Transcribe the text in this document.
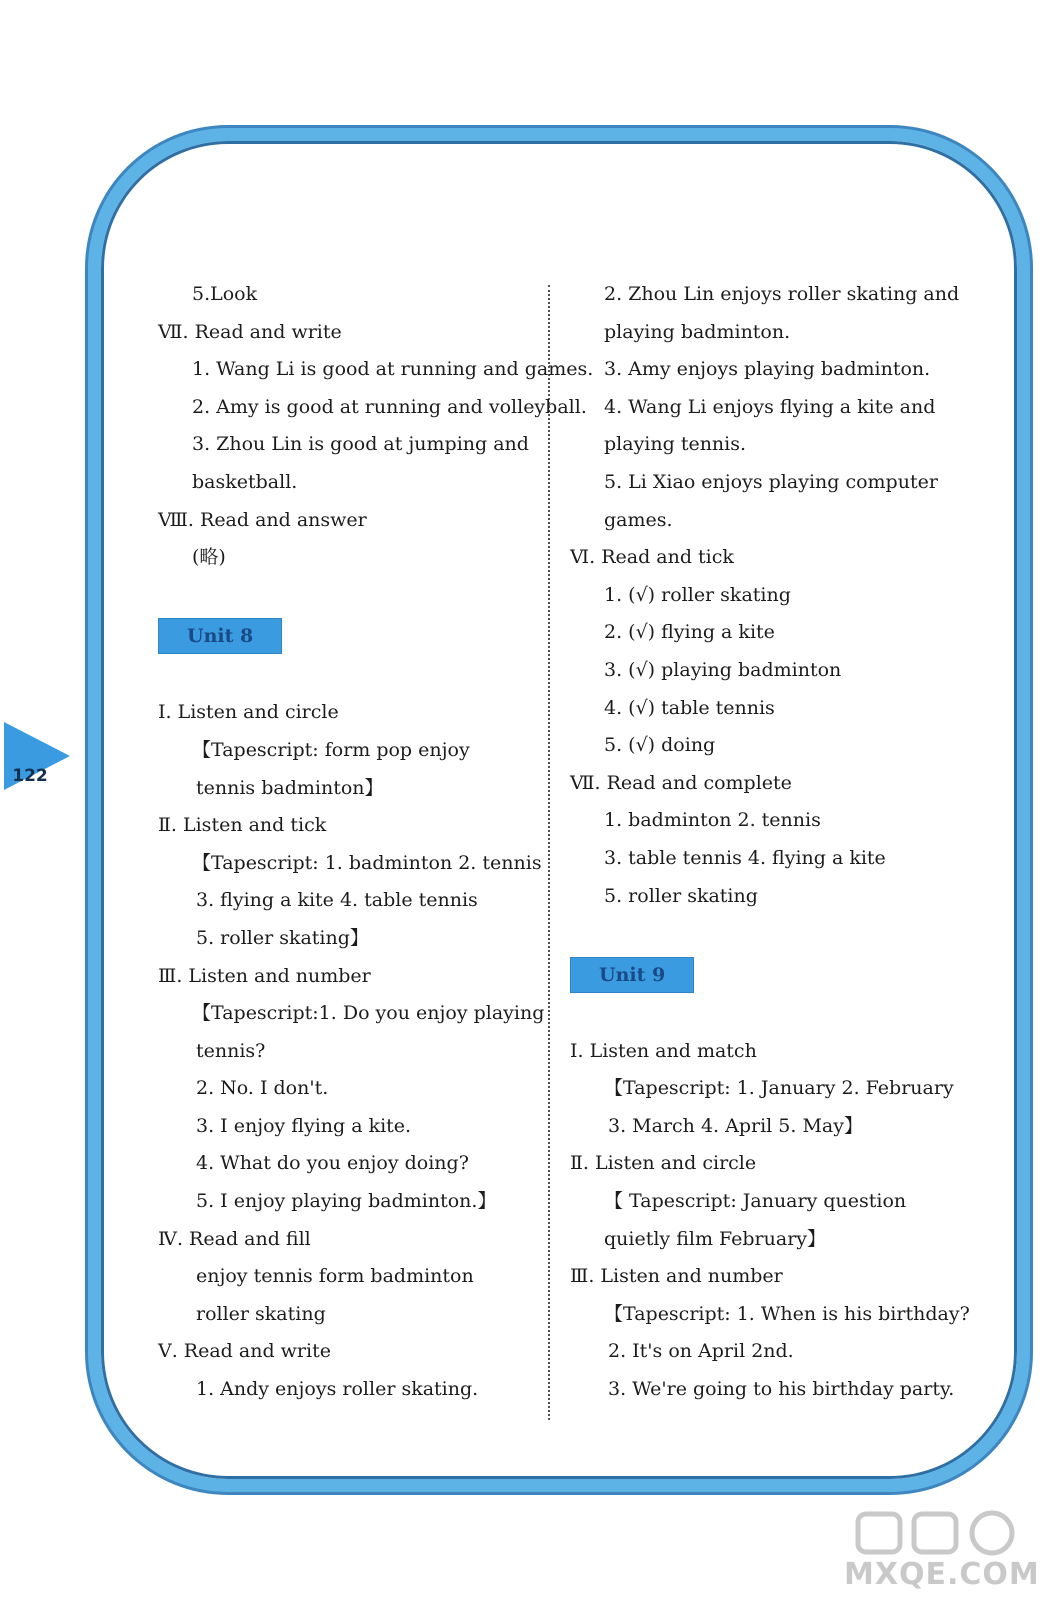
122
5.Look
Ⅶ. Read and write
1. Wang Li is good at running and games.
2. Amy is good at running and volleyball.
3. Zhou Lin is good at jumping and
basketball.
Ⅷ. Read and answer
(略)
Unit 8
Ⅰ. Listen and circle
【Tapescript: form pop enjoy
tennis badminton】
Ⅱ. Listen and tick
【Tapescript: 1. badminton 2. tennis
3. flying a kite 4. table tennis
5. roller skating】
Ⅲ. Listen and number
【Tapescript:1. Do you enjoy playing
tennis?
2. No. I don't.
3. I enjoy flying a kite.
4. What do you enjoy doing?
5. I enjoy playing badminton.】
Ⅳ. Read and fill
enjoy tennis form badminton
roller skating
Ⅴ. Read and write
1. Andy enjoys roller skating.
2. Zhou Lin enjoys roller skating and
playing badminton.
3. Amy enjoys playing badminton.
4. Wang Li enjoys flying a kite and
playing tennis.
5. Li Xiao enjoys playing computer
games.
Ⅵ. Read and tick
1. (√) roller skating
2. (√) flying a kite
3. (√) playing badminton
4. (√) table tennis
5. (√) doing
Ⅶ. Read and complete
1. badminton 2. tennis
3. table tennis 4. flying a kite
5. roller skating
Unit 9
Ⅰ. Listen and match
【Tapescript: 1. January 2. February
3. March 4. April 5. May】
Ⅱ. Listen and circle
【 Tapescript: January question
quietly film February】
Ⅲ. Listen and number
【Tapescript: 1. When is his birthday?
2. It's on April 2nd.
3. We're going to his birthday party.
MXQE.COM
